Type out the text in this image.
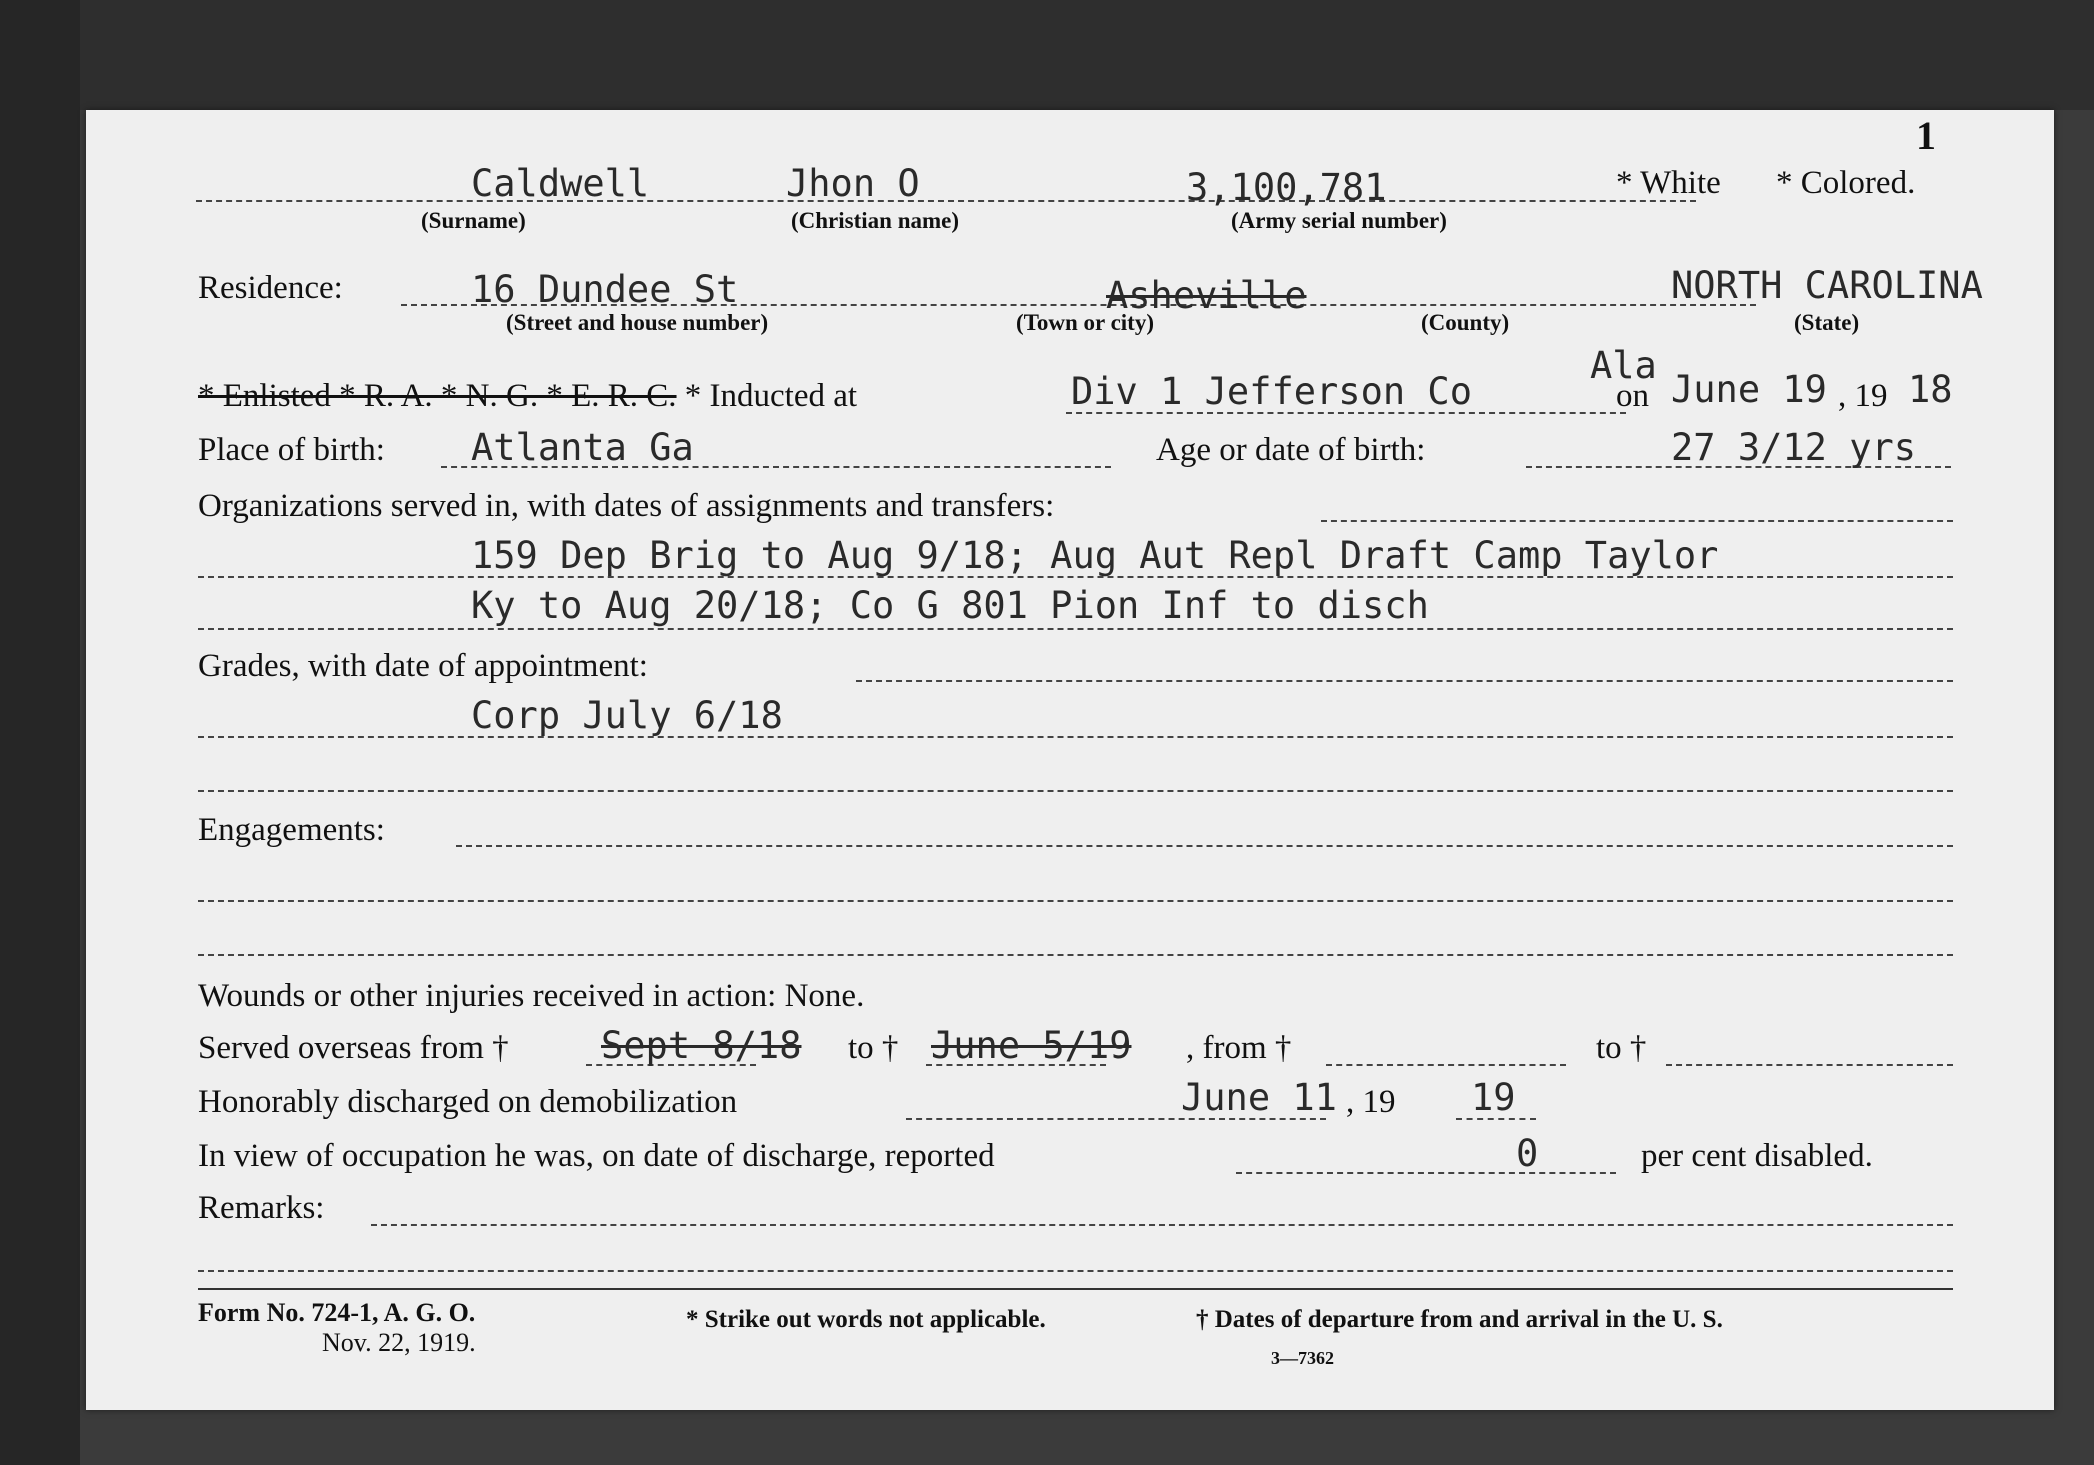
1
Caldwell	Jhon O	3,100,781	* White * Colored.
(Surname)	(Christian name)	(Army serial number)
Residence:	16 Dundee St	Asheville	NORTH CAROLINA
(Street and house number)	(Town or city)	(County)	(State)
* Enlisted * R. A. * N. G. * E. R. C. * Inducted at	Div 1 Jefferson Co
Ala
on June 19 , 19 18
Place of birth: Atlanta Ga	Age or date of birth:	27 3/12 yrs
Organizations served in, with dates of assignments and transfers:
159 Dep Brig to Aug 9/18; Aug Aut Repl Draft Camp Taylor
Ky to Aug 20/18; Co G 801 Pion Inf to disch
Grades, with date of appointment:
Corp July 6/18
Engagements:
Wounds or other injuries received in action: None.
Served overseas from † Sept 8/18 to † June 5/19 , from †	to †
Honorably discharged on demobilization	June 11 , 19 19
In view of occupation he was, on date of discharge, reported	0	per cent disabled.
Remarks:
Form No. 724-1, A. G. O.
Nov. 22, 1919.
* Strike out words not applicable.	† Dates of departure from and arrival in the U. S.
3—7362
